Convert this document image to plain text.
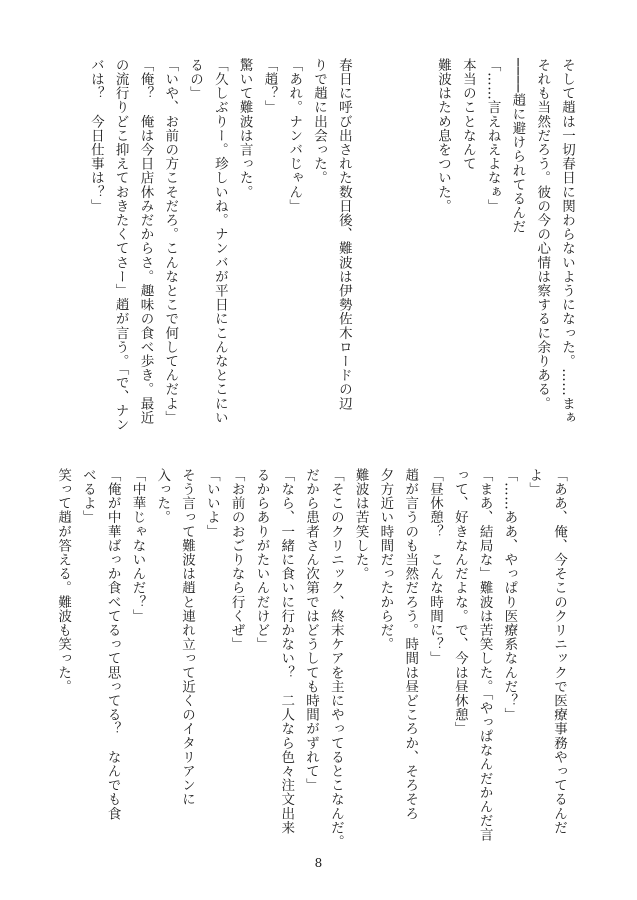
そして趙は一切春日に関わらないようになった。……まぁ
それも当然だろう。彼の今の心情は察するに余りある。
────趙に避けられてるんだ
「……言えねえよなぁ」
本当のことなんて
難波はため息をついた。

春日に呼び出された数日後、難波は伊勢佐木ロードの辺
りで趙に出会った。
「あれ。ナンバじゃん」
「趙？」
驚いて難波は言った。
「久しぶりー。珍しいね。ナンバが平日にこんなとこにい
るの」
「いや、お前の方こそだろ。こんなとこで何してんだよ」
「俺？　俺は今日店休みだからさ。趣味の食べ歩き。最近
の流行りどこ抑えておきたくてさー」趙が言う。「で、ナン
バは？　今日仕事は？」
「ああ、俺、今そこのクリニックで医療事務やってるんだ
よ」
「……ああ、やっぱり医療系なんだ？」
「まあ、結局な」難波は苦笑した。「やっぱなんだかんだ言
って、好きなんだよな。で、今は昼休憩」
「昼休憩？　こんな時間に？」
趙が言うのも当然だろう。時間は昼どころか、そろそろ
夕方近い時間だったからだ。
難波は苦笑した。
「そこのクリニック、終末ケアを主にやってるとこなんだ。
だから患者さん次第ではどうしても時間がずれて」
「なら、一緒に食いに行かない？　二人なら色々注文出来
るからありがたいんだけど」
「お前のおごりなら行くぜ」
「いいよ」
そう言って難波は趙と連れ立って近くのイタリアンに
入った。
「中華じゃないんだ？」
「俺が中華ばっか食べてるって思ってる？　なんでも食
べるよ」
笑って趙が答える。難波も笑った。
8
